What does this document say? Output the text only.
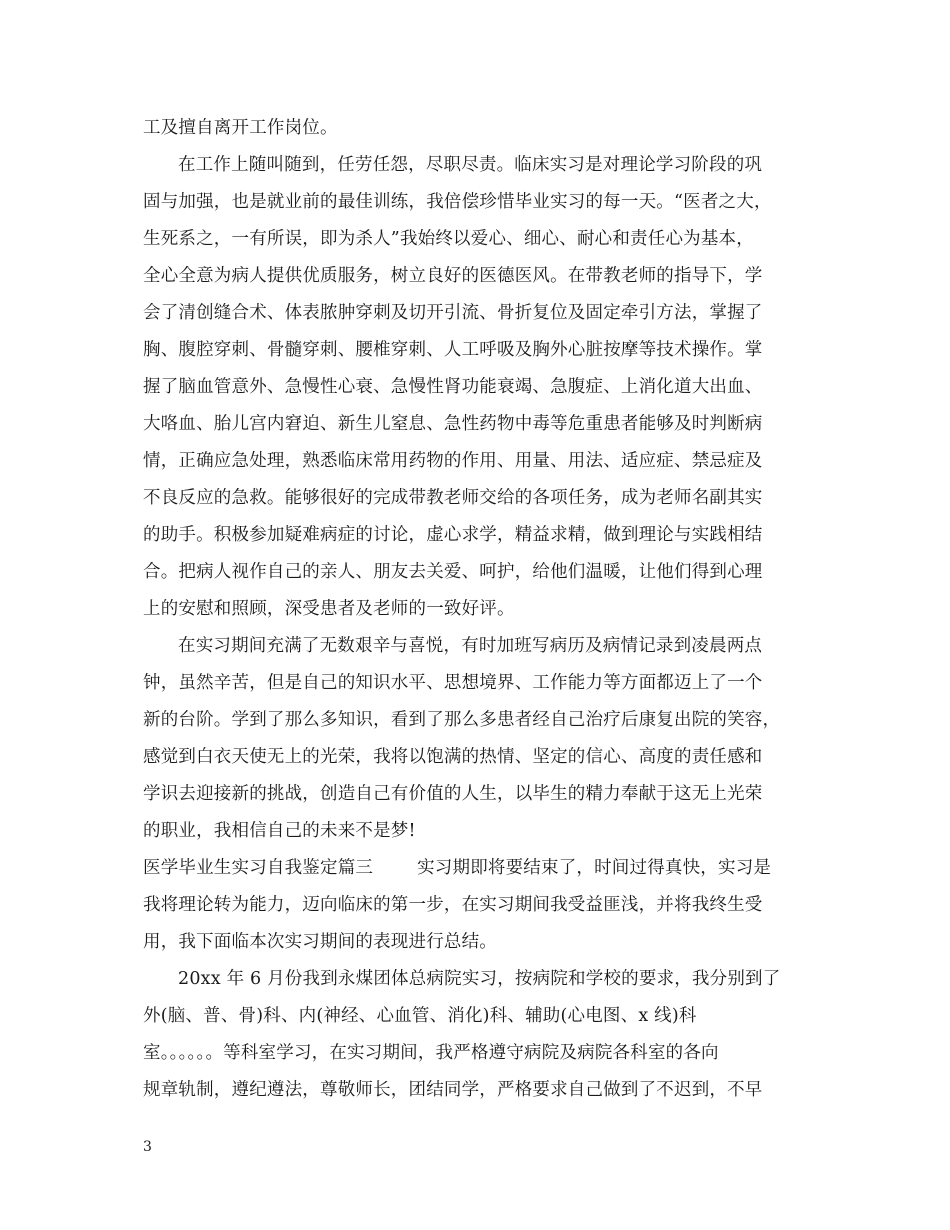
工及擅自离开工作岗位。
在工作上随叫随到，任劳任怨，尽职尽责。临床实习是对理论学习阶段的巩
固与加强，也是就业前的最佳训练，我倍偿珍惜毕业实习的每一天。“医者之大，
生死系之，一有所误，即为杀人”我始终以爱心、细心、耐心和责任心为基本，
全心全意为病人提供优质服务，树立良好的医德医风。在带教老师的指导下，学
会了清创缝合术、体表脓肿穿刺及切开引流、骨折复位及固定牵引方法，掌握了
胸、腹腔穿刺、骨髓穿刺、腰椎穿刺、人工呼吸及胸外心脏按摩等技术操作。掌
握了脑血管意外、急慢性心衰、急慢性肾功能衰竭、急腹症、上消化道大出血、
大咯血、胎儿宫内窘迫、新生儿窒息、急性药物中毒等危重患者能够及时判断病
情，正确应急处理，熟悉临床常用药物的作用、用量、用法、适应症、禁忌症及
不良反应的急救。能够很好的完成带教老师交给的各项任务，成为老师名副其实
的助手。积极参加疑难病症的讨论，虚心求学，精益求精，做到理论与实践相结
合。把病人视作自己的亲人、朋友去关爱、呵护，给他们温暖，让他们得到心理
上的安慰和照顾，深受患者及老师的一致好评。
在实习期间充满了无数艰辛与喜悦，有时加班写病历及病情记录到凌晨两点
钟，虽然辛苦，但是自己的知识水平、思想境界、工作能力等方面都迈上了一个
新的台阶。学到了那么多知识，看到了那么多患者经自己治疗后康复出院的笑容，
感觉到白衣天使无上的光荣，我将以饱满的热情、坚定的信心、高度的责任感和
学识去迎接新的挑战，创造自己有价值的人生，以毕生的精力奉献于这无上光荣
的职业，我相信自己的未来不是梦!
医学毕业生实习自我鉴定篇三	实习期即将要结束了，时间过得真快，实习是
我将理论转为能力，迈向临床的第一步，在实习期间我受益匪浅，并将我终生受
用，我下面临本次实习期间的表现进行总结。
20xx 年 6 月份我到永煤团体总病院实习，按病院和学校的要求，我分别到了
外(脑、普、骨)科、内(神经、心血管、消化)科、辅助(心电图、x 线)科
室。。。。。。等科室学习，在实习期间，我严格遵守病院及病院各科室的各向
规章轨制，遵纪遵法，尊敬师长，团结同学，严格要求自己做到了不迟到，不早
3
